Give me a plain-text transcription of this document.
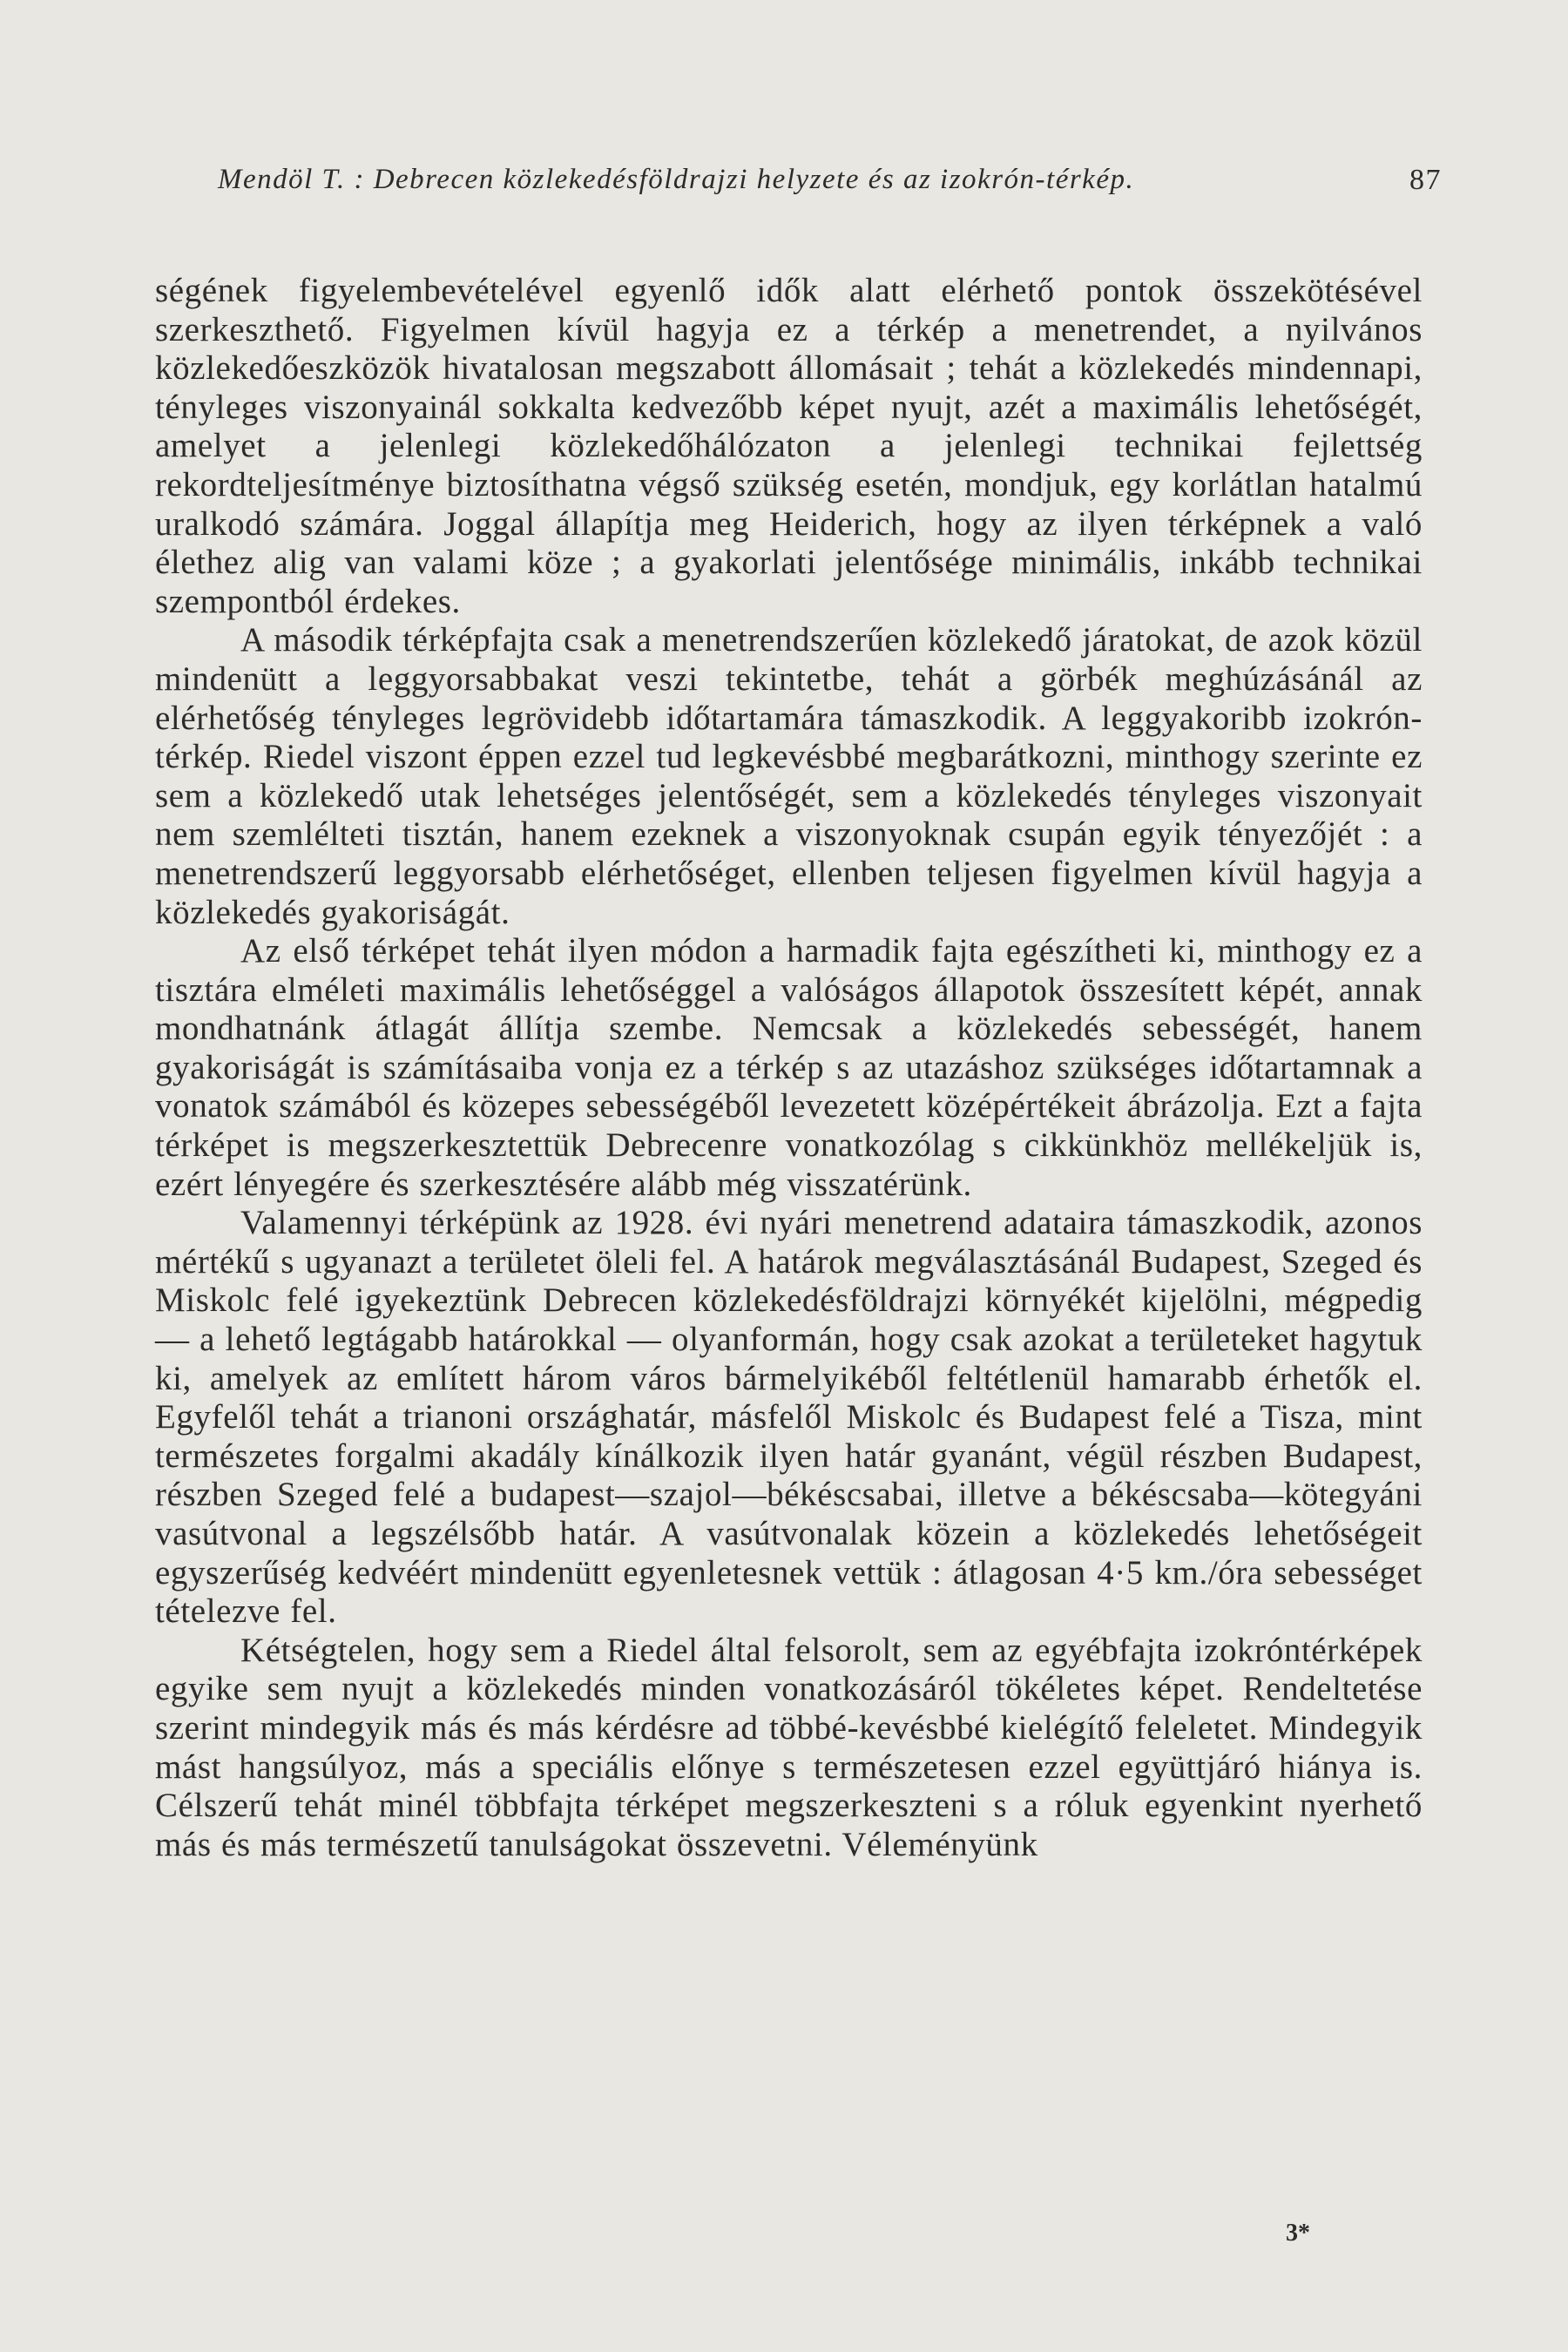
Mendöl T. : Debrecen közlekedésföldrajzi helyzete és az izokrón-térkép.	87

ségének figyelembevételével egyenlő idők alatt elérhető pontok összekötésével szerkeszthető. Figyelmen kívül hagyja ez a térkép a menetrendet, a nyilvános közlekedőeszközök hivatalosan megszabott állomásait ; tehát a közlekedés mindennapi, tényleges viszonyainál sokkalta kedvezőbb képet nyujt, azét a maximális lehetőségét, amelyet a jelenlegi közlekedőhálózaton a jelenlegi technikai fejlettség rekordteljesítménye biztosíthatna végső szükség esetén, mondjuk, egy korlátlan hatalmú uralkodó számára. Joggal állapítja meg Heiderich, hogy az ilyen térképnek a való élethez alig van valami köze ; a gyakorlati jelentősége minimális, inkább technikai szempontból érdekes.

A második térképfajta csak a menetrendszerűen közlekedő járatokat, de azok közül mindenütt a leggyorsabbakat veszi tekintetbe, tehát a görbék meghúzásánál az elérhetőség tényleges legrövidebb időtartamára támaszkodik. A leggyakoribb izokrón-térkép. Riedel viszont éppen ezzel tud legkevésbbé megbarátkozni, minthogy szerinte ez sem a közlekedő utak lehetséges jelentőségét, sem a közlekedés tényleges viszonyait nem szemlélteti tisztán, hanem ezeknek a viszonyoknak csupán egyik tényezőjét : a menetrendszerű leggyorsabb elérhetőséget, ellenben teljesen figyelmen kívül hagyja a közlekedés gyakoriságát.

Az első térképet tehát ilyen módon a harmadik fajta egészítheti ki, minthogy ez a tisztára elméleti maximális lehetőséggel a valóságos állapotok összesített képét, annak mondhatnánk átlagát állítja szembe. Nemcsak a közlekedés sebességét, hanem gyakoriságát is számításaiba vonja ez a térkép s az utazáshoz szükséges időtartamnak a vonatok számából és közepes sebességéből levezetett középértékeit ábrázolja. Ezt a fajta térképet is megszerkesztettük Debrecenre vonatkozólag s cikkünkhöz mellékeljük is, ezért lényegére és szerkesztésére alább még visszatérünk.

Valamennyi térképünk az 1928. évi nyári menetrend adataira támaszkodik, azonos mértékű s ugyanazt a területet öleli fel. A határok megválasztásánál Budapest, Szeged és Miskolc felé igyekeztünk Debrecen közlekedésföldrajzi környékét kijelölni, mégpedig — a lehető legtágabb határokkal — olyanformán, hogy csak azokat a területeket hagytuk ki, amelyek az említett három város bármelyikéből feltétlenül hamarabb érhetők el. Egyfelől tehát a trianoni országhatár, másfelől Miskolc és Budapest felé a Tisza, mint természetes forgalmi akadály kínálkozik ilyen határ gyanánt, végül részben Budapest, részben Szeged felé a budapest—szajol—békéscsabai, illetve a békéscsaba—kötegyáni vasútvonal a legszélsőbb határ. A vasútvonalak közein a közlekedés lehetőségeit egyszerűség kedvéért mindenütt egyenletesnek vettük : átlagosan 4·5 km./óra sebességet tételezve fel.

Kétségtelen, hogy sem a Riedel által felsorolt, sem az egyébfajta izokróntérképek egyike sem nyujt a közlekedés minden vonatkozásáról tökéletes képet. Rendeltetése szerint mindegyik más és más kérdésre ad többé-kevésbbé kielégítő feleletet. Mindegyik mást hangsúlyoz, más a speciális előnye s természetesen ezzel együttjáró hiánya is. Célszerű tehát minél többfajta térképet megszerkeszteni s a róluk egyenkint nyerhető más és más természetű tanulságokat összevetni. Véleményünk

3*
